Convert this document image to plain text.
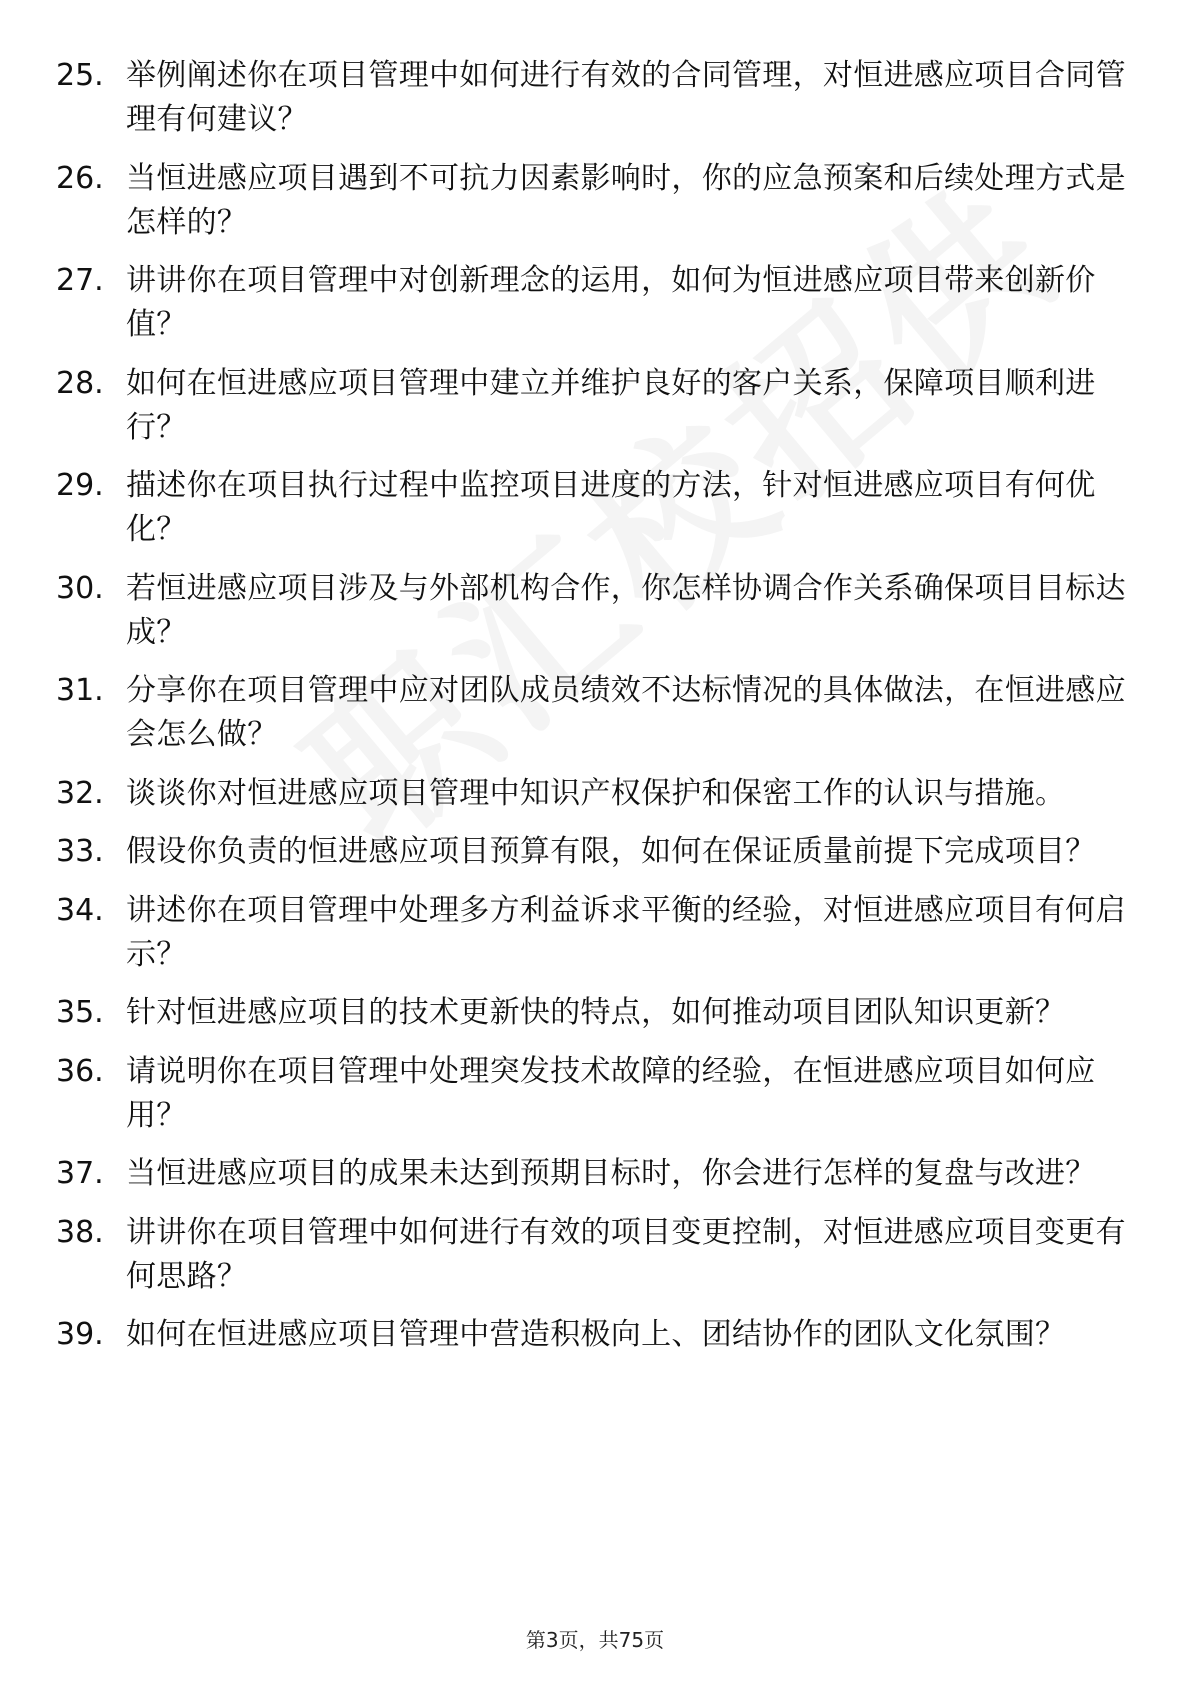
25. 举例阐述你在项目管理中如何进行有效的合同管理，对恒进感应项目合同管理有何建议？
26. 当恒进感应项目遇到不可抗力因素影响时，你的应急预案和后续处理方式是怎样的？
27. 讲讲你在项目管理中对创新理念的运用，如何为恒进感应项目带来创新价值？
28. 如何在恒进感应项目管理中建立并维护良好的客户关系，保障项目顺利进行？
29. 描述你在项目执行过程中监控项目进度的方法，针对恒进感应项目有何优化？
30. 若恒进感应项目涉及与外部机构合作，你怎样协调合作关系确保项目目标达成？
31. 分享你在项目管理中应对团队成员绩效不达标情况的具体做法，在恒进感应会怎么做？
32. 谈谈你对恒进感应项目管理中知识产权保护和保密工作的认识与措施。
33. 假设你负责的恒进感应项目预算有限，如何在保证质量前提下完成项目？
34. 讲述你在项目管理中处理多方利益诉求平衡的经验，对恒进感应项目有何启示？
35. 针对恒进感应项目的技术更新快的特点，如何推动项目团队知识更新？
36. 请说明你在项目管理中处理突发技术故障的经验，在恒进感应项目如何应用？
37. 当恒进感应项目的成果未达到预期目标时，你会进行怎样的复盘与改进？
38. 讲讲你在项目管理中如何进行有效的项目变更控制，对恒进感应项目变更有何思路？
39. 如何在恒进感应项目管理中营造积极向上、团结协作的团队文化氛围？
第3页，共75页
